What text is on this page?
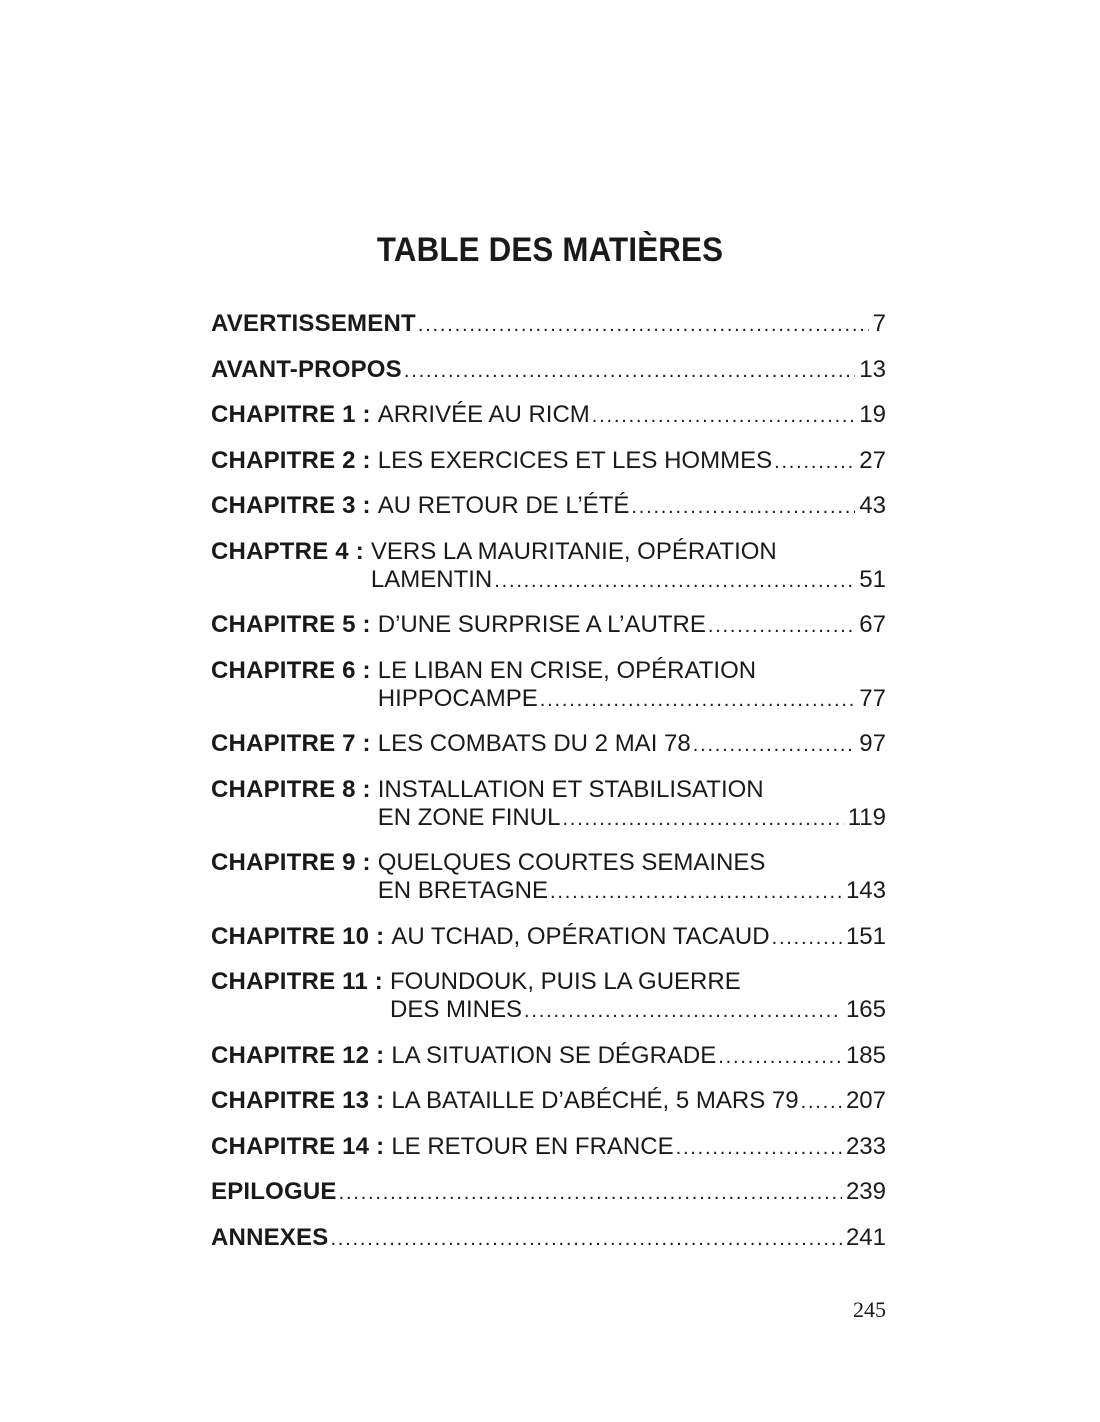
TABLE DES MATIÈRES
AVERTISSEMENT .....	7
AVANT-PROPOS .....	13
CHAPITRE 1 : ARRIVÉE AU RICM .....	19
CHAPITRE 2 : LES EXERCICES ET LES HOMMES .....	27
CHAPITRE 3 : AU RETOUR DE L’ÉTÉ .....	43
CHAPTRE 4 : VERS LA MAURITANIE, OPÉRATION
LAMENTIN .....	51
CHAPITRE 5 : D’UNE SURPRISE A L’AUTRE .....	67
CHAPITRE 6 : LE LIBAN EN CRISE, OPÉRATION
HIPPOCAMPE .....	77
CHAPITRE 7 : LES COMBATS DU 2 MAI 78 .....	97
CHAPITRE 8 : INSTALLATION ET STABILISATION
EN ZONE FINUL .....	119
CHAPITRE 9 : QUELQUES COURTES SEMAINES
EN BRETAGNE .....	143
CHAPITRE 10 : AU TCHAD, OPÉRATION TACAUD .....	151
CHAPITRE 11 : FOUNDOUK, PUIS LA GUERRE
DES MINES .....	165
CHAPITRE 12 : LA SITUATION SE DÉGRADE .....	185
CHAPITRE 13 : LA BATAILLE D’ABÉCHÉ, 5 MARS 79 ..... 207
CHAPITRE 14 : LE RETOUR EN FRANCE .....	233
EPILOGUE .....	239
ANNEXES .....	241
245
